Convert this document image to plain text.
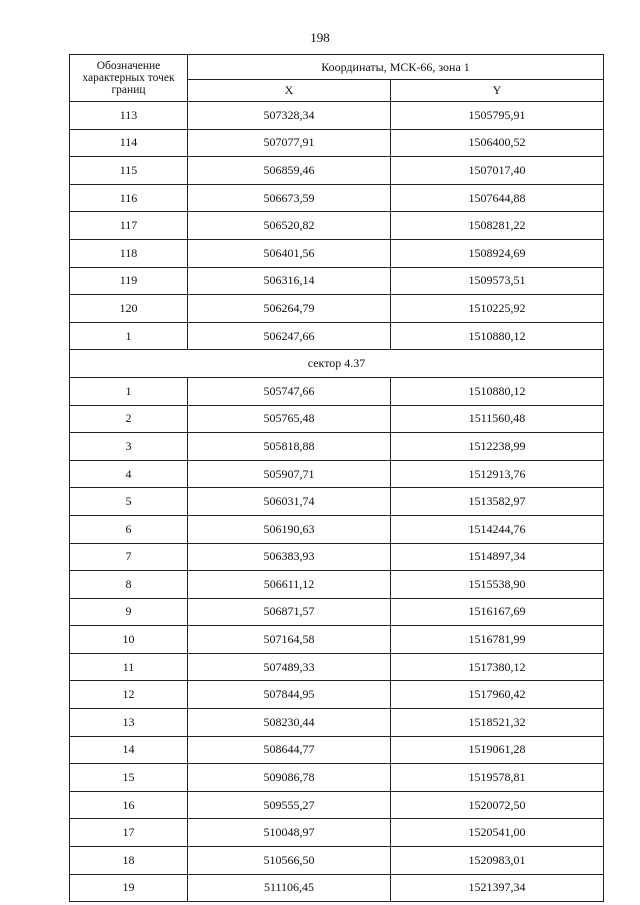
198
Обозначение характерных точек границ	Координаты, МСК-66, зона 1	
	X	Y
113	507328,34	1505795,91
114	507077,91	1506400,52
115	506859,46	1507017,40
116	506673,59	1507644,88
117	506520,82	1508281,22
118	506401,56	1508924,69
119	506316,14	1509573,51
120	506264,79	1510225,92
1	506247,66	1510880,12
сектор 4.37		
1	505747,66	1510880,12
2	505765,48	1511560,48
3	505818,88	1512238,99
4	505907,71	1512913,76
5	506031,74	1513582,97
6	506190,63	1514244,76
7	506383,93	1514897,34
8	506611,12	1515538,90
9	506871,57	1516167,69
10	507164,58	1516781,99
11	507489,33	1517380,12
12	507844,95	1517960,42
13	508230,44	1518521,32
14	508644,77	1519061,28
15	509086,78	1519578,81
16	509555,27	1520072,50
17	510048,97	1520541,00
18	510566,50	1520983,01
19	511106,45	1521397,34
